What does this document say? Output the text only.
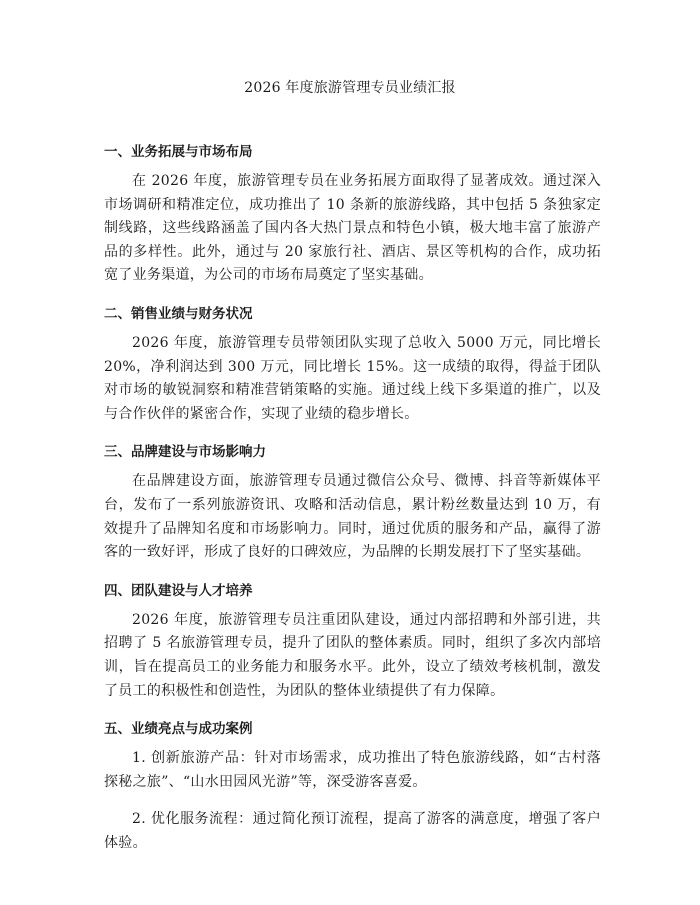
2026 年度旅游管理专员业绩汇报
一、业务拓展与市场布局

在 2026 年度，旅游管理专员在业务拓展方面取得了显著成效。通过深入市场调研和精准定位，成功推出了 10 条新的旅游线路，其中包括 5 条独家定制线路，这些线路涵盖了国内各大热门景点和特色小镇，极大地丰富了旅游产品的多样性。此外，通过与 20 家旅行社、酒店、景区等机构的合作，成功拓宽了业务渠道，为公司的市场布局奠定了坚实基础。

二、销售业绩与财务状况

2026 年度，旅游管理专员带领团队实现了总收入 5000 万元，同比增长 20%，净利润达到 300 万元，同比增长 15%。这一成绩的取得，得益于团队对市场的敏锐洞察和精准营销策略的实施。通过线上线下多渠道的推广，以及与合作伙伴的紧密合作，实现了业绩的稳步增长。

三、品牌建设与市场影响力

在品牌建设方面，旅游管理专员通过微信公众号、微博、抖音等新媒体平台，发布了一系列旅游资讯、攻略和活动信息，累计粉丝数量达到 10 万，有效提升了品牌知名度和市场影响力。同时，通过优质的服务和产品，赢得了游客的一致好评，形成了良好的口碑效应，为品牌的长期发展打下了坚实基础。

四、团队建设与人才培养

2026 年度，旅游管理专员注重团队建设，通过内部招聘和外部引进，共招聘了 5 名旅游管理专员，提升了团队的整体素质。同时，组织了多次内部培训，旨在提高员工的业务能力和服务水平。此外，设立了绩效考核机制，激发了员工的积极性和创造性，为团队的整体业绩提供了有力保障。

五、业绩亮点与成功案例

1. 创新旅游产品：针对市场需求，成功推出了特色旅游线路，如“古村落探秘之旅”、“山水田园风光游”等，深受游客喜爱。

2. 优化服务流程：通过简化预订流程，提高了游客的满意度，增强了客户体验。
